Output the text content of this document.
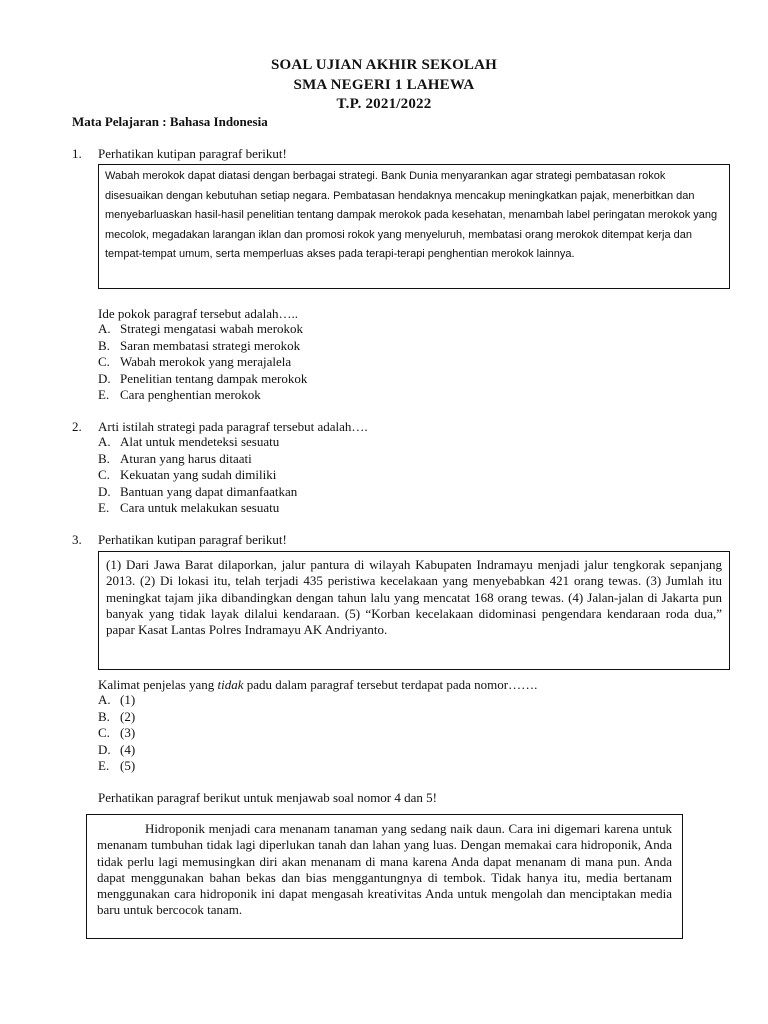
SOAL UJIAN AKHIR SEKOLAH
SMA NEGERI 1 LAHEWA
T.P. 2021/2022
Mata Pelajaran : Bahasa Indonesia
1. Perhatikan kutipan paragraf berikut!

Wabah merokok dapat diatasi dengan berbagai strategi. Bank Dunia menyarankan agar strategi pembatasan rokok disesuaikan dengan kebutuhan setiap negara. Pembatasan hendaknya mencakup meningkatkan pajak, menerbitkan dan menyebarluaskan hasil-hasil penelitian tentang dampak merokok pada kesehatan, menambah label peringatan merokok yang mecolok, megadakan larangan iklan dan promosi rokok yang menyeluruh, membatasi orang merokok ditempat kerja dan tempat-tempat umum, serta memperluas akses pada terapi-terapi penghentian merokok lainnya.

Ide pokok paragraf tersebut adalah…..
A. Strategi mengatasi wabah merokok
B. Saran membatasi strategi merokok
C. Wabah merokok yang merajalela
D. Penelitian tentang dampak merokok
E. Cara penghentian merokok
2. Arti istilah strategi pada paragraf tersebut adalah….
A. Alat untuk mendeteksi sesuatu
B. Aturan yang harus ditaati
C. Kekuatan yang sudah dimiliki
D. Bantuan yang dapat dimanfaatkan
E. Cara untuk melakukan sesuatu
3. Perhatikan kutipan paragraf berikut!

(1) Dari Jawa Barat dilaporkan, jalur pantura di wilayah Kabupaten Indramayu menjadi jalur tengkorak sepanjang 2013. (2) Di lokasi itu, telah terjadi 435 peristiwa kecelakaan yang menyebabkan 421 orang tewas. (3) Jumlah itu meningkat tajam jika dibandingkan dengan tahun lalu yang mencatat 168 orang tewas. (4) Jalan-jalan di Jakarta pun banyak yang tidak layak dilalui kendaraan. (5) “Korban kecelakaan didominasi pengendara kendaraan roda dua,” papar Kasat Lantas Polres Indramayu AK Andriyanto.

Kalimat penjelas yang tidak padu dalam paragraf tersebut terdapat pada nomor…….
A. (1)
B. (2)
C. (3)
D. (4)
E. (5)
Perhatikan paragraf berikut untuk menjawab soal nomor 4 dan 5!

Hidroponik menjadi cara menanam tanaman yang sedang naik daun. Cara ini digemari karena untuk menanam tumbuhan tidak lagi diperlukan tanah dan lahan yang luas. Dengan memakai cara hidroponik, Anda tidak perlu lagi memusingkan diri akan menanam di mana karena Anda dapat menanam di mana pun. Anda dapat menggunakan bahan bekas dan bias menggantungnya di tembok. Tidak hanya itu, media bertanam menggunakan cara hidroponik ini dapat mengasah kreativitas Anda untuk mengolah dan menciptakan media baru untuk bercocok tanam.
